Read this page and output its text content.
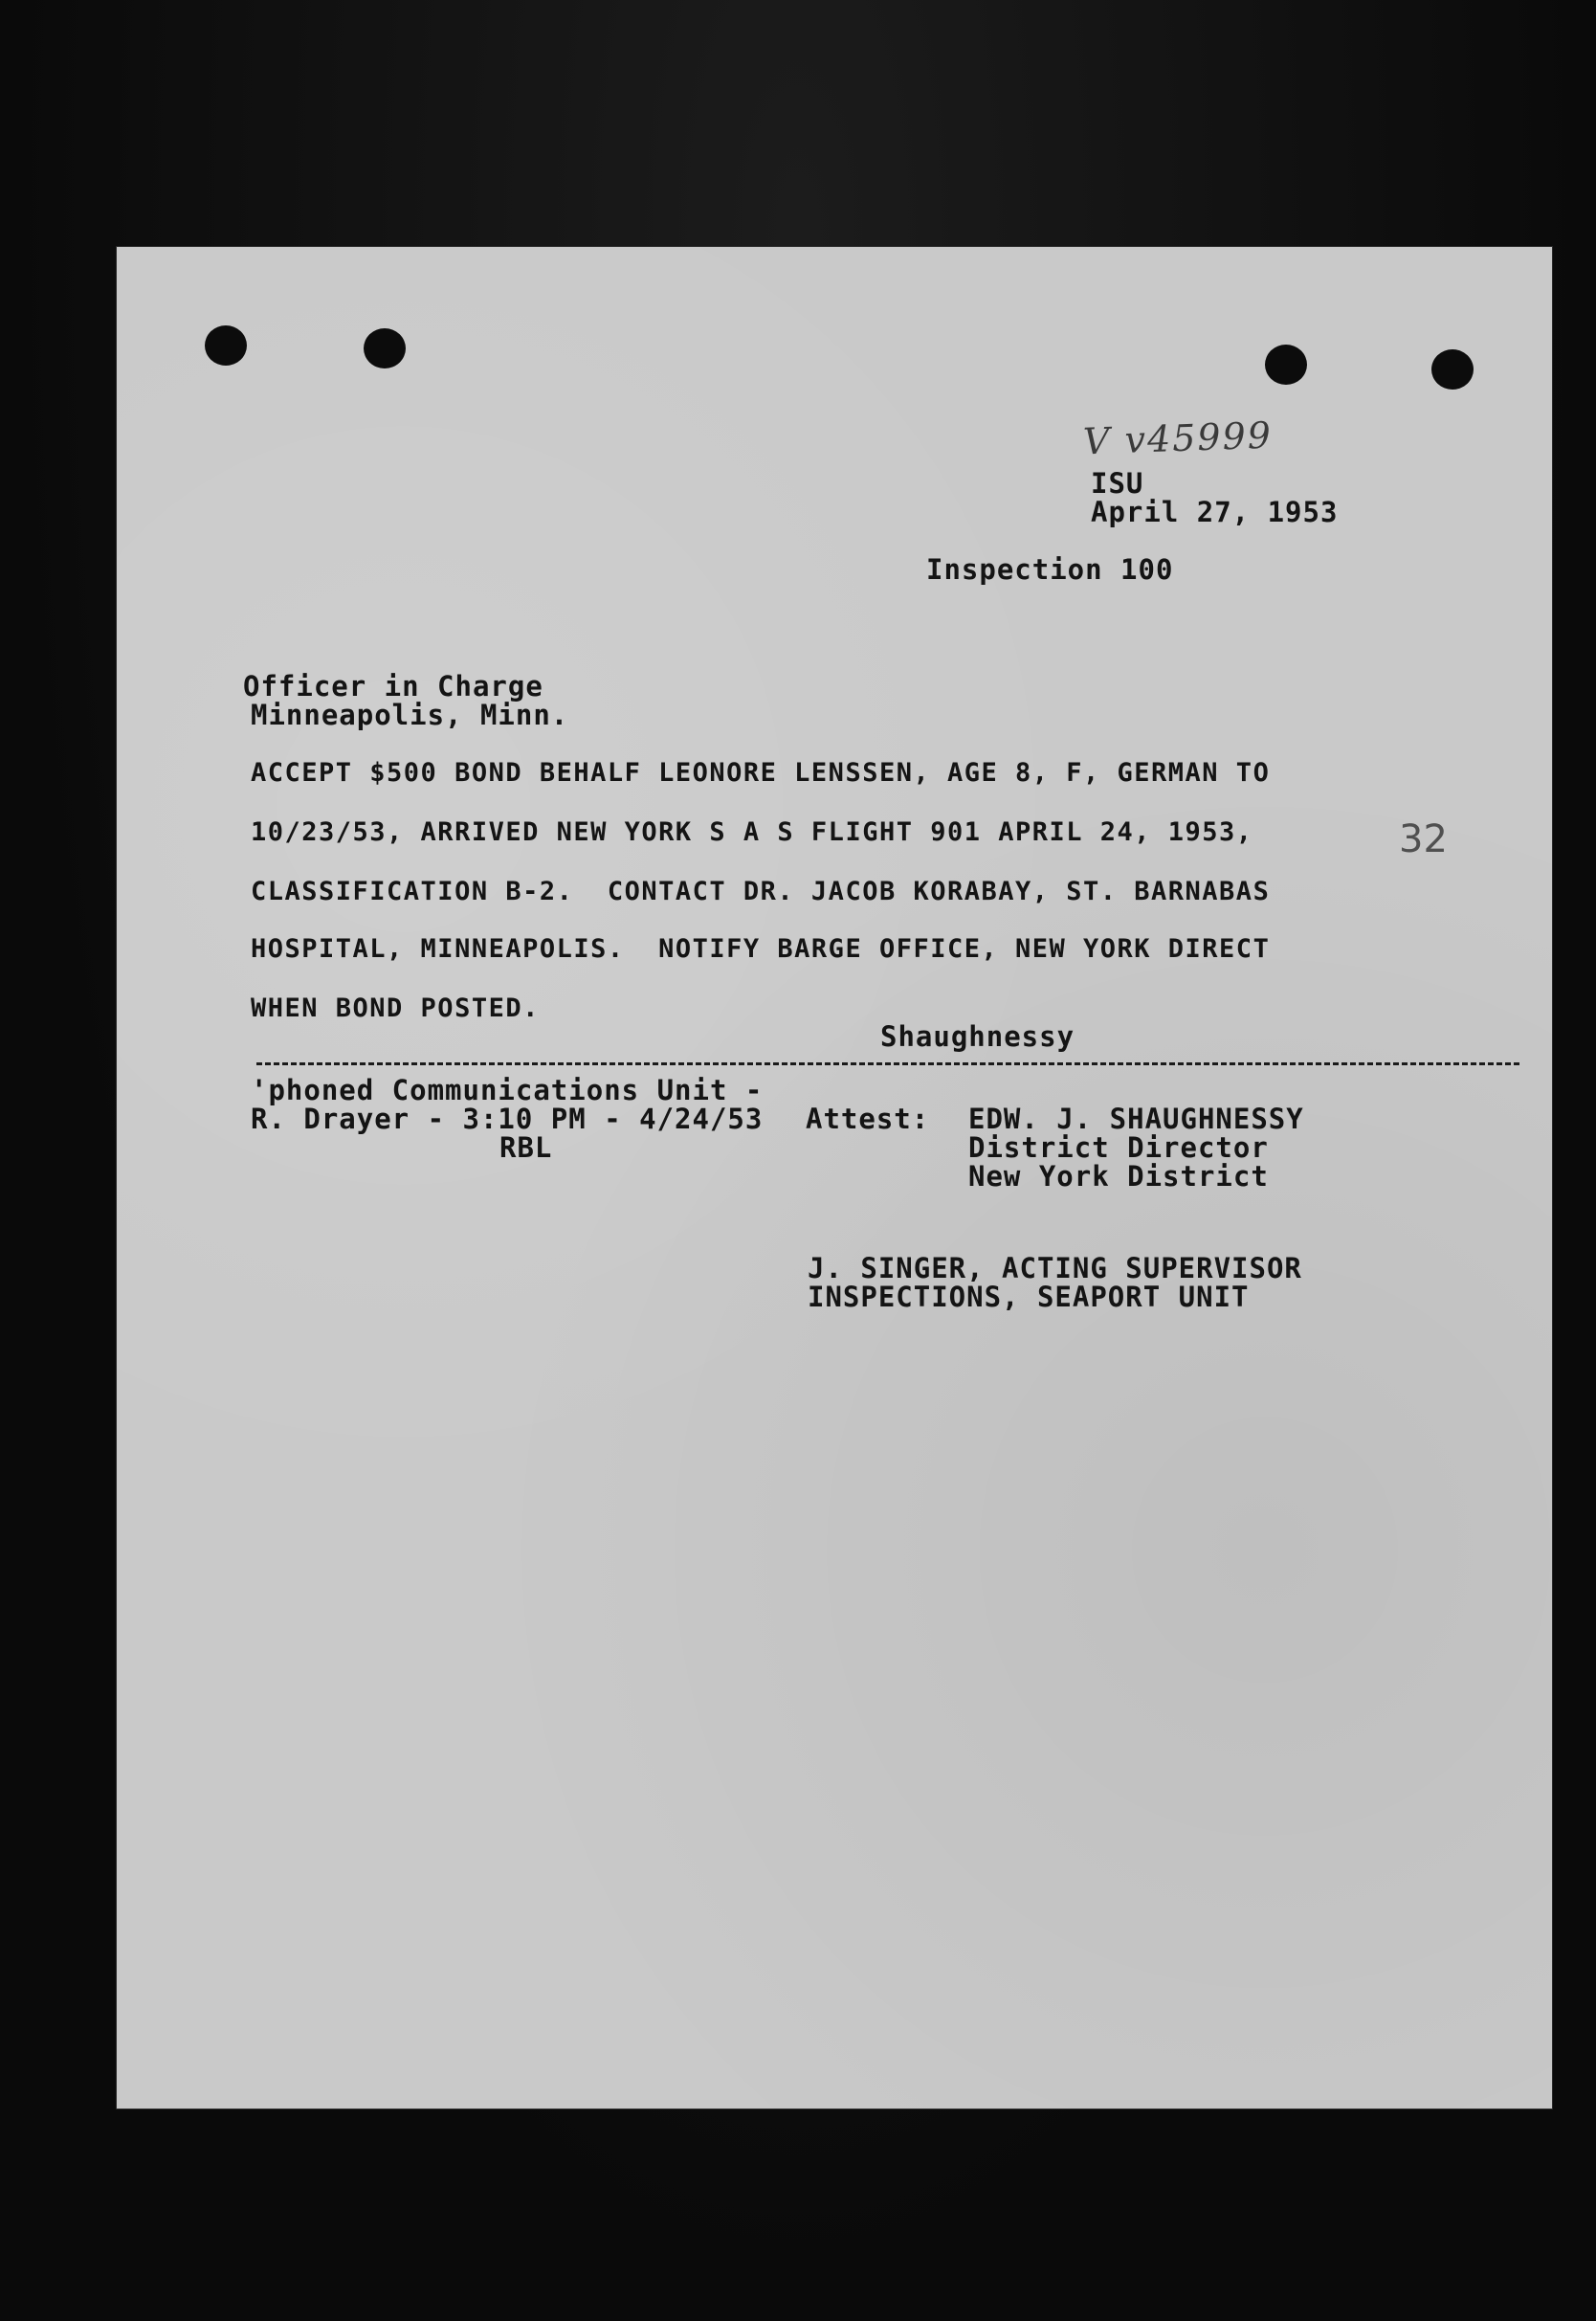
V v45999

ISU

April 27, 1953

Inspection 100

Officer in Charge

Minneapolis, Minn.

ACCEPT $500 BOND BEHALF LEONORE LENSSEN, AGE 8, F, GERMAN TO

10/23/53, ARRIVED NEW YORK S A S FLIGHT 901 APRIL 24, 1953,

CLASSIFICATION B-2.  CONTACT DR. JACOB KORABAY, ST. BARNABAS

HOSPITAL, MINNEAPOLIS.  NOTIFY BARGE OFFICE, NEW YORK DIRECT

WHEN BOND POSTED.

32

Shaughnessy

'phoned Communications Unit -

R. Drayer - 3:10 PM - 4/24/53

RBL

Attest: EDW. J. SHAUGHNESSY

District Director

New York District

J. SINGER, ACTING SUPERVISOR

INSPECTIONS, SEAPORT UNIT
